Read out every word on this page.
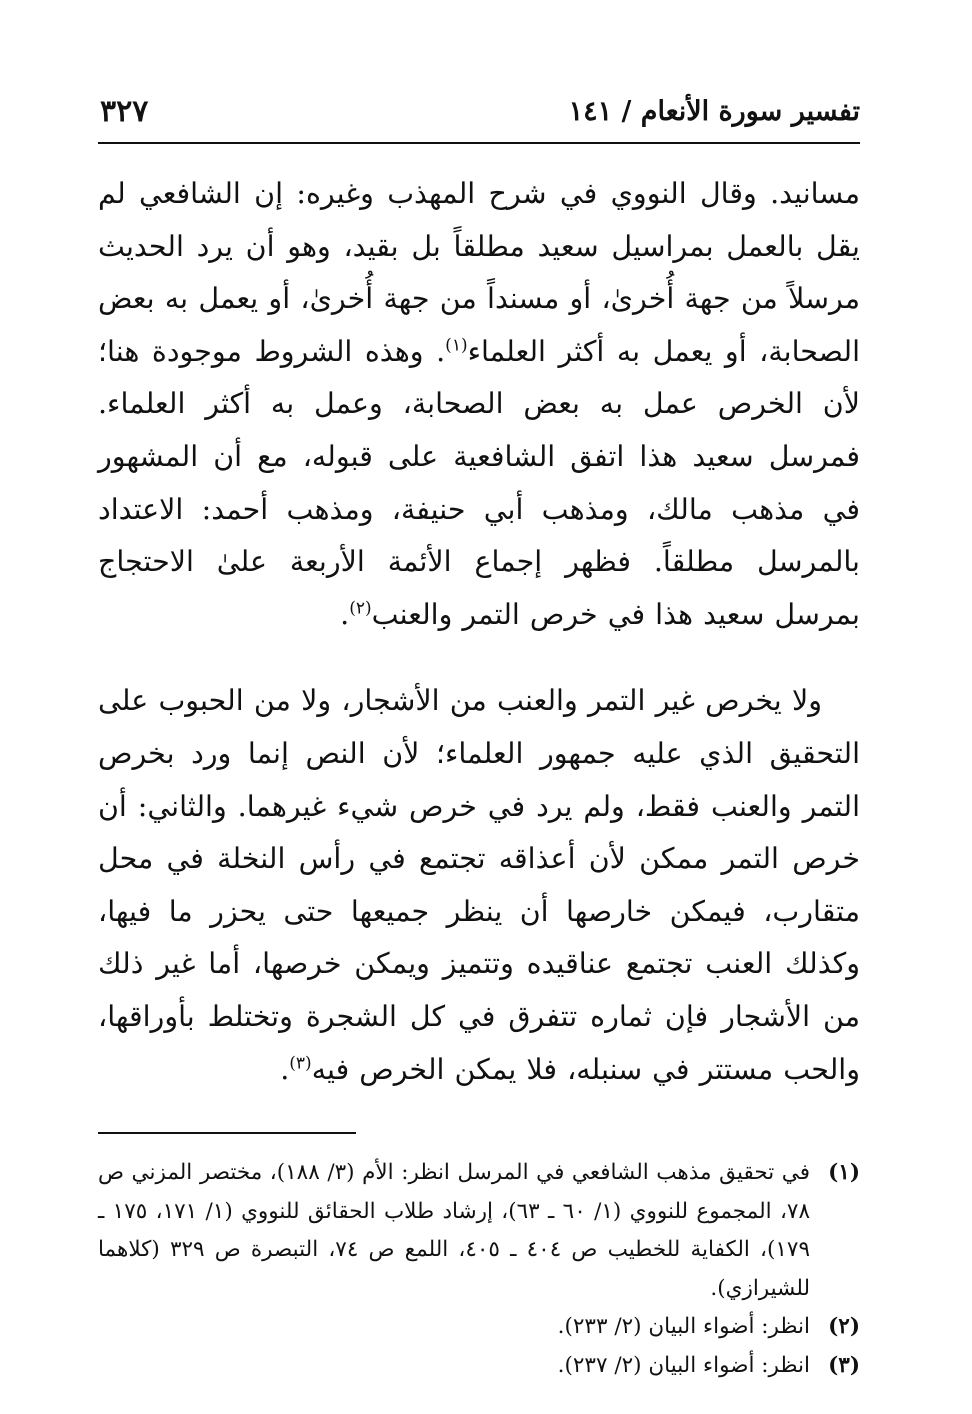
تفسير سورة الأنعام / ١٤١
٣٢٧

مسانيد. وقال النووي في شرح المهذب وغيره: إن الشافعي لم يقل بالعمل بمراسيل سعيد مطلقاً بل بقيد، وهو أن يرد الحديث مرسلاً من جهة أُخرىٰ، أو مسنداً من جهة أُخرىٰ، أو يعمل به بعض الصحابة، أو يعمل به أكثر العلماء$^{(١)}$. وهذه الشروط موجودة هنا؛ لأن الخرص عمل به بعض الصحابة، وعمل به أكثر العلماء. فمرسل سعيد هذا اتفق الشافعية على قبوله، مع أن المشهور في مذهب مالك، ومذهب أبي حنيفة، ومذهب أحمد: الاعتداد بالمرسل مطلقاً. فظهر إجماع الأئمة الأربعة علىٰ الاحتجاج بمرسل سعيد هذا في خرص التمر والعنب$^{(٢)}$.

ولا يخرص غير التمر والعنب من الأشجار، ولا من الحبوب على التحقيق الذي عليه جمهور العلماء؛ لأن النص إنما ورد بخرص التمر والعنب فقط، ولم يرد في خرص شيء غيرهما. والثاني: أن خرص التمر ممكن لأن أعذاقه تجتمع في رأس النخلة في محل متقارب، فيمكن خارصها أن ينظر جميعها حتى يحزر ما فيها، وكذلك العنب تجتمع عناقيده وتتميز ويمكن خرصها، أما غير ذلك من الأشجار فإن ثماره تتفرق في كل الشجرة وتختلط بأوراقها، والحب مستتر في سنبله، فلا يمكن الخرص فيه$^{(٣)}$.

(١)
في تحقيق مذهب الشافعي في المرسل انظر: الأم (٣/ ١٨٨)، مختصر المزني ص ٧٨، المجموع للنووي (١/ ٦٠ ـ ٦٣)، إرشاد طلاب الحقائق للنووي (١/ ١٧١، ١٧٥ ـ ١٧٩)، الكفاية للخطيب ص ٤٠٤ ـ ٤٠٥، اللمع ص ٧٤، التبصرة ص ٣٢٩ (كلاهما للشيرازي).
(٢)
انظر: أضواء البيان (٢/ ٢٣٣).
(٣)
انظر: أضواء البيان (٢/ ٢٣٧).
